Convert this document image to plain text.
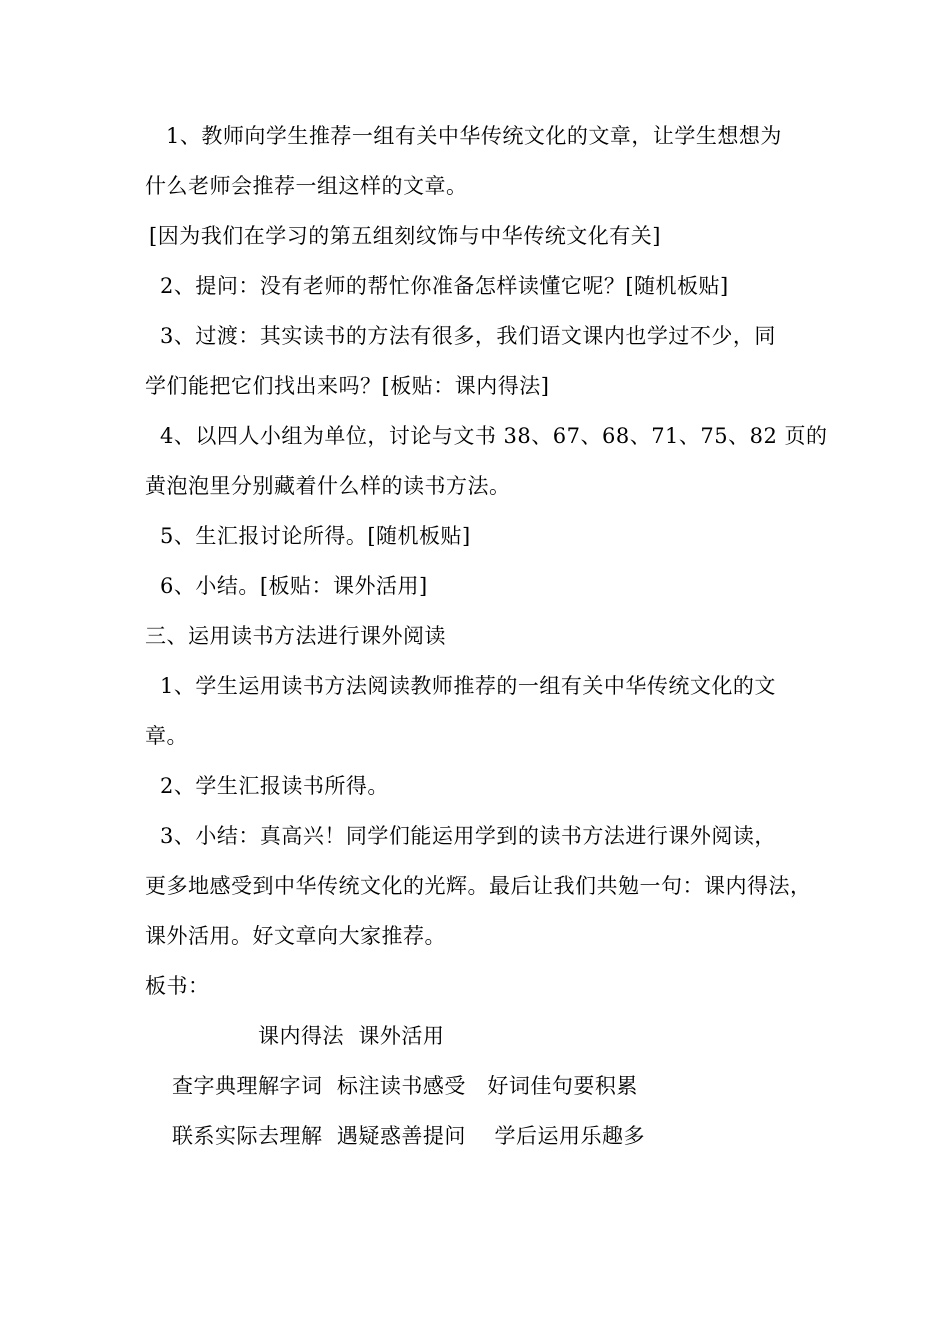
1、教师向学生推荐一组有关中华传统文化的文章，让学生想想为
什么老师会推荐一组这样的文章。
[因为我们在学习的第五组刻纹饰与中华传统文化有关]
2、提问：没有老师的帮忙你准备怎样读懂它呢？[随机板贴]
3、过渡：其实读书的方法有很多，我们语文课内也学过不少，同
学们能把它们找出来吗？[板贴：课内得法]
4、以四人小组为单位，讨论与文书 38、67、68、71、75、82 页的
黄泡泡里分别藏着什么样的读书方法。
5、生汇报讨论所得。[随机板贴]
6、小结。[板贴：课外活用]
三、运用读书方法进行课外阅读
1、学生运用读书方法阅读教师推荐的一组有关中华传统文化的文
章。
2、学生汇报读书所得。
3、小结：真高兴！同学们能运用学到的读书方法进行课外阅读，
更多地感受到中华传统文化的光辉。最后让我们共勉一句：课内得法，
课外活用。好文章向大家推荐。
板书：
课内得法  课外活用
查字典理解字词  标注读书感受   好词佳句要积累
联系实际去理解  遇疑惑善提问    学后运用乐趣多
